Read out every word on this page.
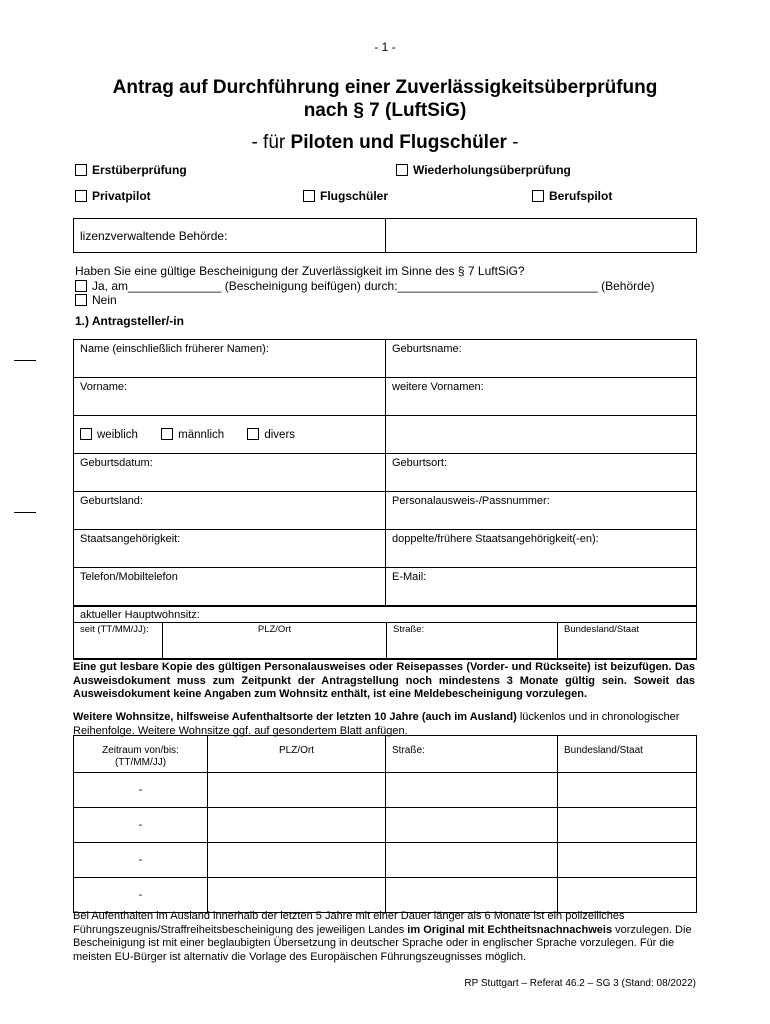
- 1 -
Antrag auf Durchführung einer Zuverlässigkeitsüberprüfung
nach § 7 (LuftSiG)
- für Piloten und Flugschüler -
Erstüberprüfung	Wiederholungsüberprüfung
Privatpilot	Flugschüler	Berufspilot
lizenzverwaltende Behörde:	
Haben Sie eine gültige Bescheinigung der Zuverlässigkeit im Sinne des § 7 LuftSiG?
Ja, am______________ (Bescheinigung beifügen) durch:______________________________ (Behörde)
Nein
1.) Antragsteller/-in
Name (einschließlich früherer Namen):	Geburtsname:
Vorname:	weitere Vornamen:
weiblich männlich divers	
Geburtsdatum:	Geburtsort:
Geburtsland:	Personalausweis-/Passnummer:
Staatsangehörigkeit:	doppelte/frühere Staatsangehörigkeit(-en):
Telefon/Mobiltelefon	E-Mail:
aktueller Hauptwohnsitz:
seit (TT/MM/JJ):	PLZ/Ort	Straße:	Bundesland/Staat
Eine gut lesbare Kopie des gültigen Personalausweises oder Reisepasses (Vorder- und Rückseite) ist beizufügen. Das Ausweisdokument muss zum Zeitpunkt der Antragstellung noch mindestens 3 Monate gültig sein. Soweit das Ausweisdokument keine Angaben zum Wohnsitz enthält, ist eine Meldebescheinigung vorzulegen.
Weitere Wohnsitze, hilfsweise Aufenthaltsorte der letzten 10 Jahre (auch im Ausland) lückenlos und in chronologischer Reihenfolge. Weitere Wohnsitze ggf. auf gesondertem Blatt anfügen.
Zeitraum von/bis:
(TT/MM/JJ)	PLZ/Ort	Straße:	Bundesland/Staat
-			
-			
-			
-			
Bei Aufenthalten im Ausland innerhalb der letzten 5 Jahre mit einer Dauer länger als 6 Monate ist ein polizeiliches Führungszeugnis/Straffreiheitsbescheinigung des jeweiligen Landes im Original mit Echtheitsnachnachweis vorzulegen. Die Bescheinigung ist mit einer beglaubigten Übersetzung in deutscher Sprache oder in englischer Sprache vorzulegen. Für die meisten EU-Bürger ist alternativ die Vorlage des Europäischen Führungszeugnisses möglich.
RP Stuttgart – Referat 46.2 – SG 3 (Stand: 08/2022)
